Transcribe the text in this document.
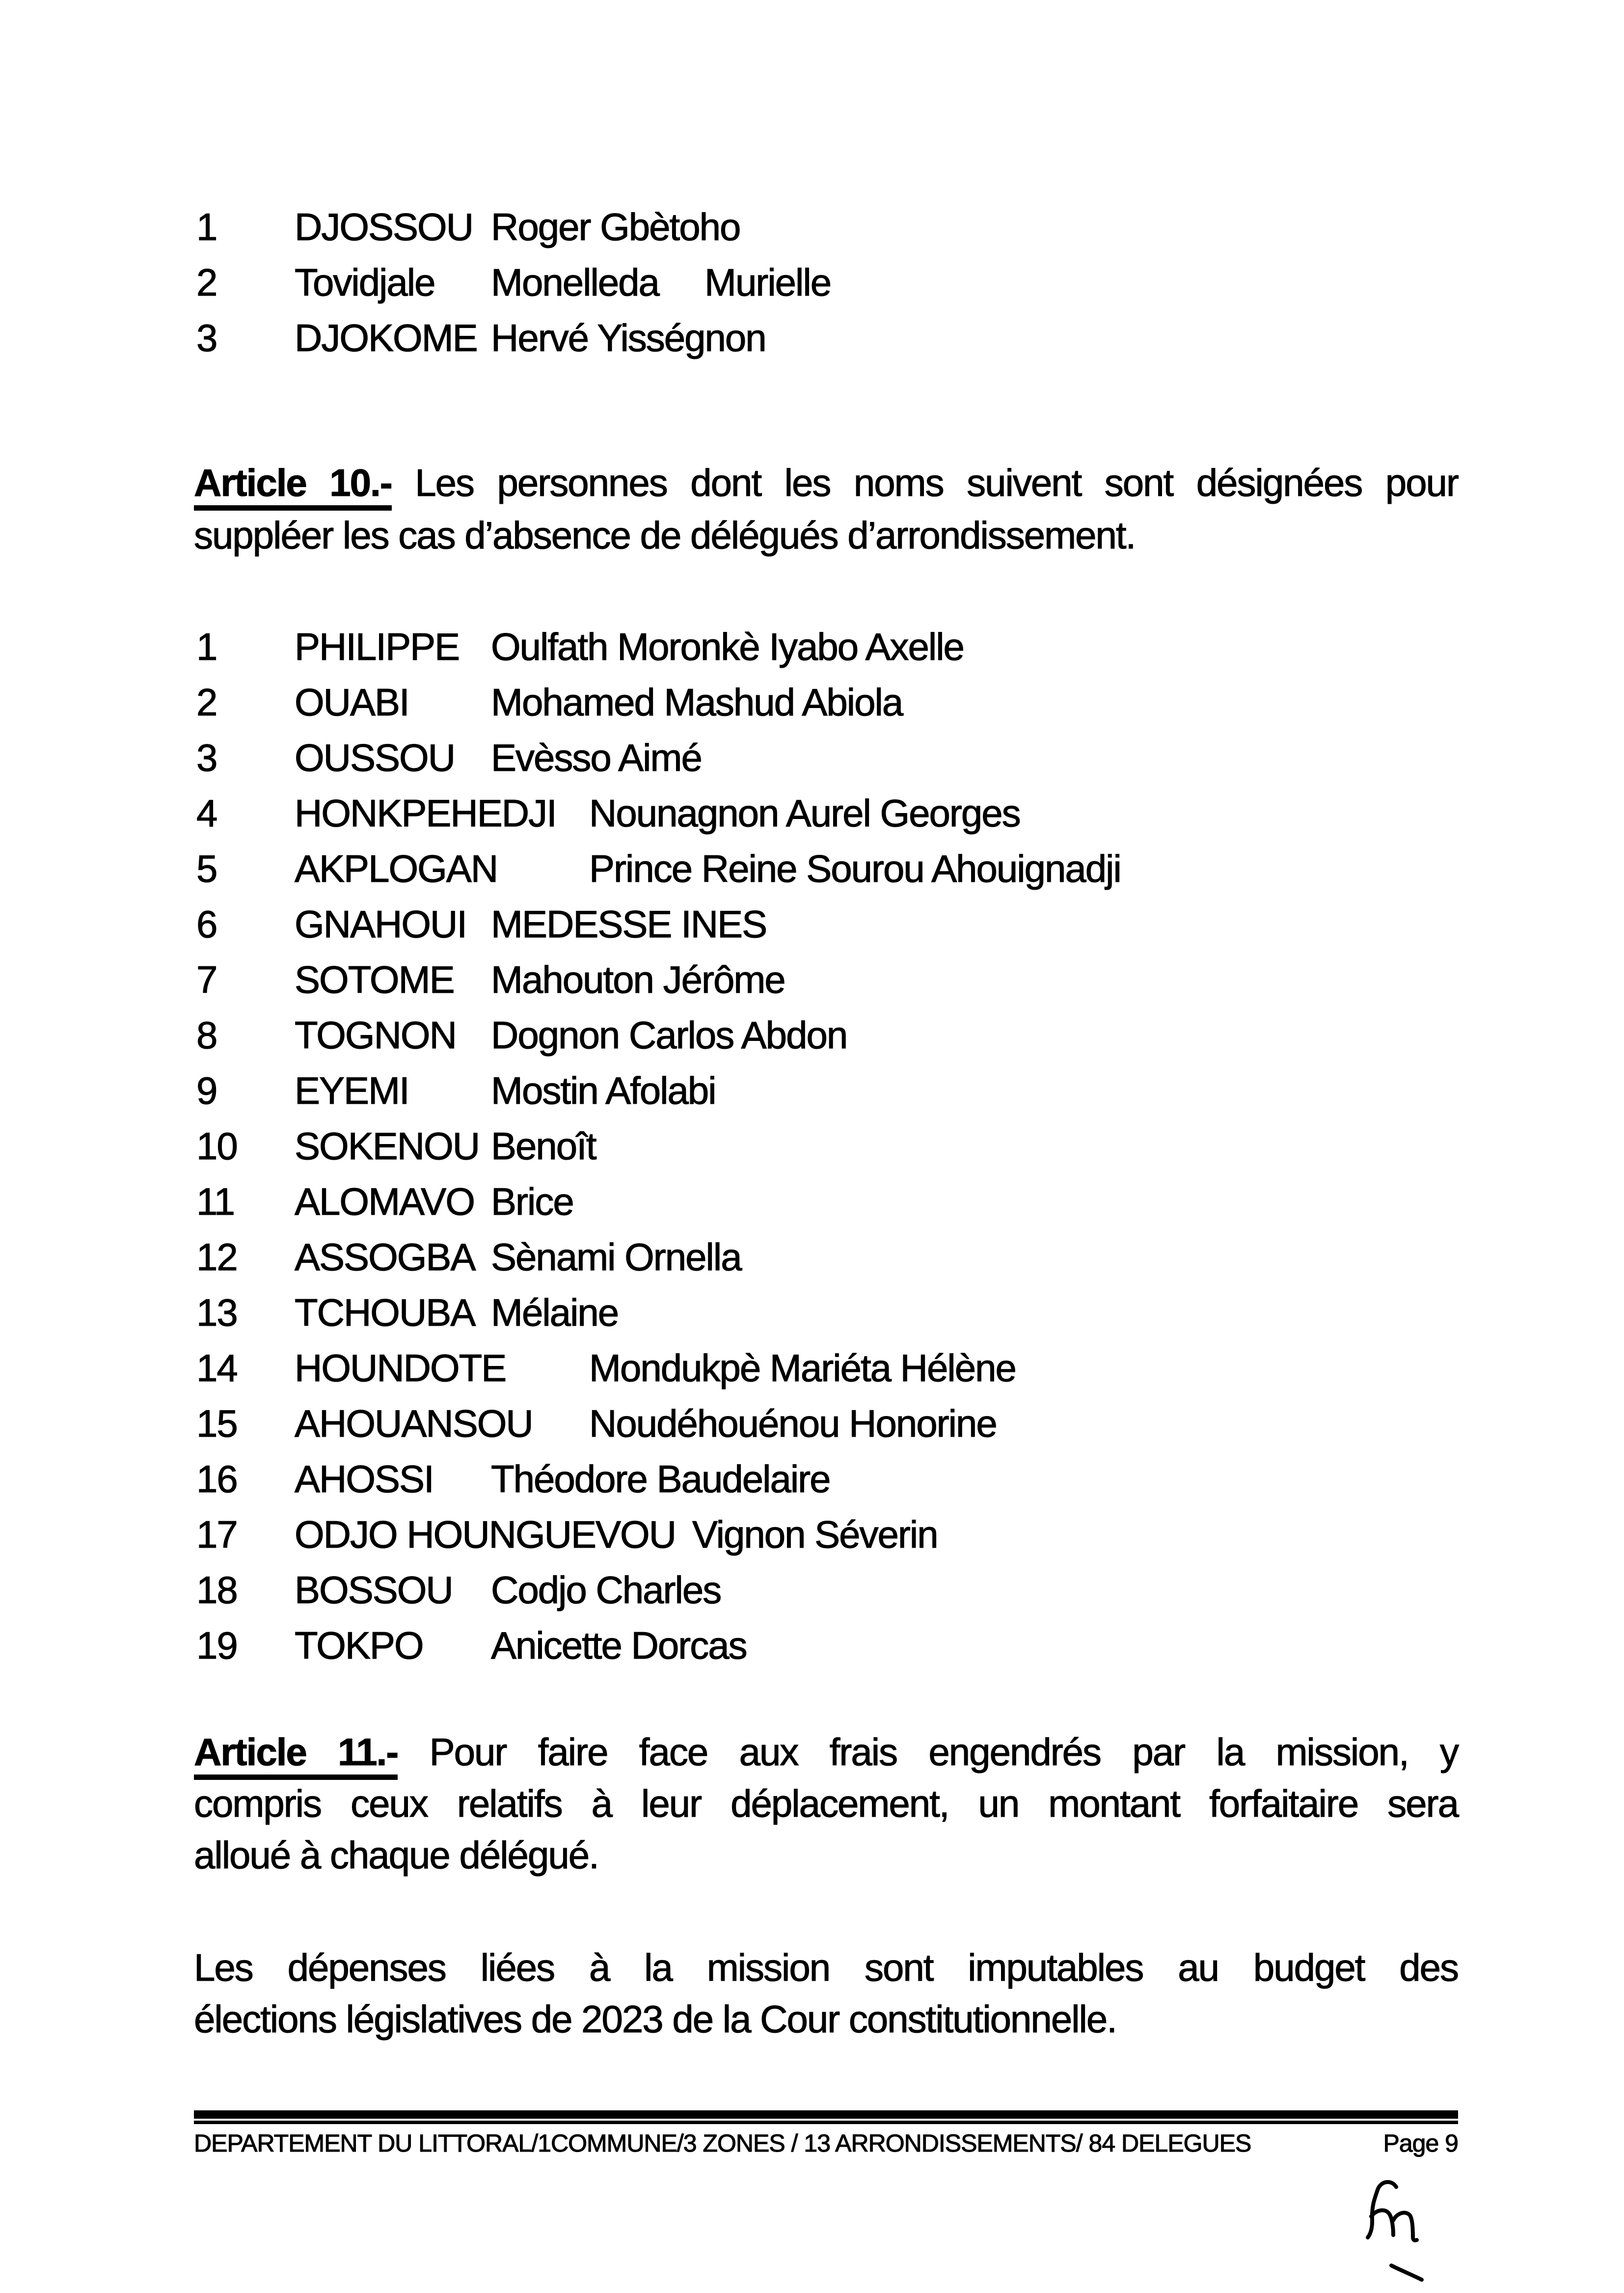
1 DJOSSOU Roger Gbètoho
2 Tovidjale Monelleda Murielle
3 DJOKOME Hervé Yisségnon
Article 10.- Les personnes dont les noms suivent sont désignées pour
suppléer les cas d’absence de délégués d’arrondissement.
1 PHILIPPE Oulfath Moronkè Iyabo Axelle
2 OUABI Mohamed Mashud Abiola
3 OUSSOU Evèsso Aimé
4 HONKPEHEDJI Nounagnon Aurel Georges
5 AKPLOGAN Prince Reine Sourou Ahouignadji
6 GNAHOUI MEDESSE INES
7 SOTOME Mahouton Jérôme
8 TOGNON Dognon Carlos Abdon
9 EYEMI Mostin Afolabi
10 SOKENOU Benoît
11 ALOMAVO Brice
12 ASSOGBA Sènami Ornella
13 TCHOUBA Mélaine
14 HOUNDOTE Mondukpè Mariéta Hélène
15 AHOUANSOU Noudéhouénou Honorine
16 AHOSSI Théodore Baudelaire
17 ODJO HOUNGUEVOU Vignon Séverin
18 BOSSOU Codjo Charles
19 TOKPO Anicette Dorcas
Article 11.- Pour faire face aux frais engendrés par la mission, y
compris ceux relatifs à leur déplacement, un montant forfaitaire sera
alloué à chaque délégué.
Les dépenses liées à la mission sont imputables au budget des
élections législatives de 2023 de la Cour constitutionnelle.
DEPARTEMENT DU LITTORAL/1COMMUNE/3 ZONES / 13 ARRONDISSEMENTS/ 84 DELEGUES	Page 9
